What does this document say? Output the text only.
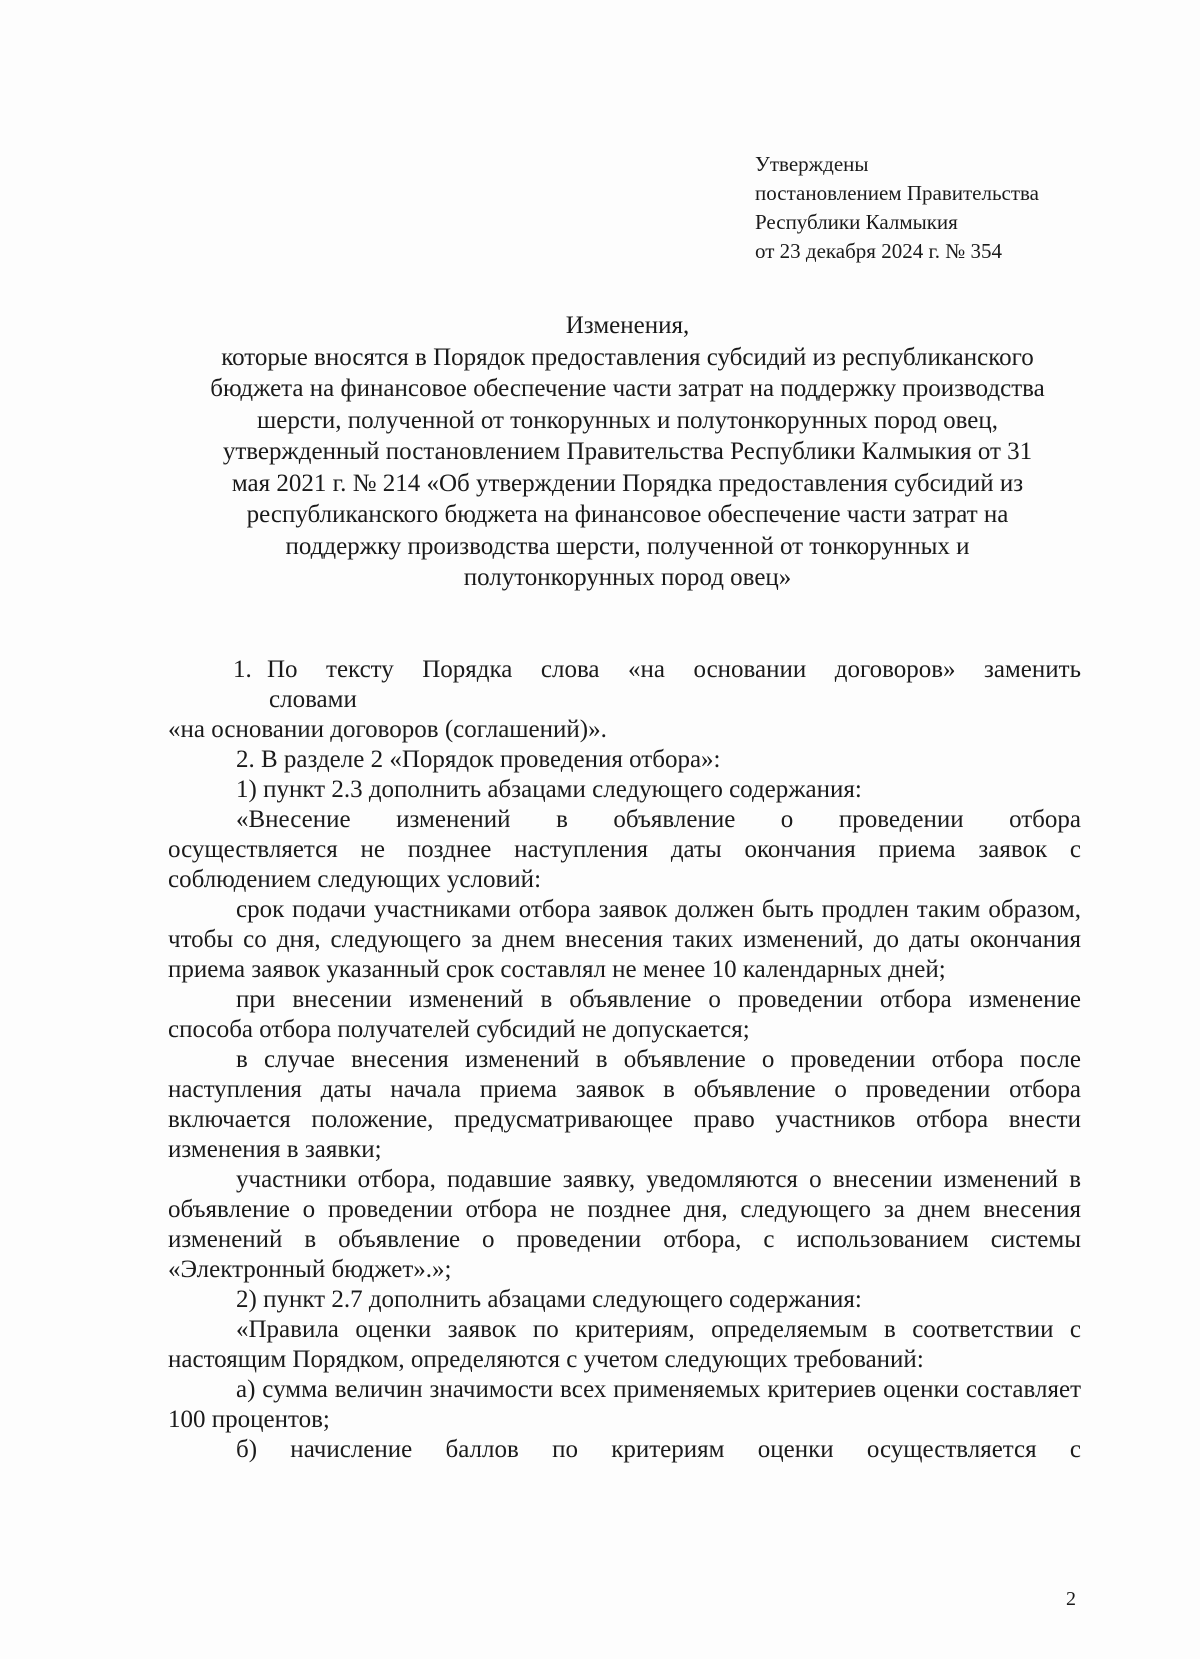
Утверждены
постановлением Правительства
Республики Калмыкия
от 23 декабря 2024 г. № 354
Изменения,
которые вносятся в Порядок предоставления субсидий из республиканского
бюджета на финансовое обеспечение части затрат на поддержку производства
шерсти, полученной от тонкорунных и полутонкорунных пород овец,
утвержденный постановлением Правительства Республики Калмыкия от 31
мая 2021 г. № 214 «Об утверждении Порядка предоставления субсидий из
республиканского бюджета на финансовое обеспечение части затрат на
поддержку производства шерсти, полученной от тонкорунных и
полутонкорунных пород овец»
1. По тексту Порядка слова «на основании договоров» заменить
словами

«на основании договоров (соглашений)».

2. В разделе 2 «Порядок проведения отбора»:

1) пункт 2.3 дополнить абзацами следующего содержания:

«Внесение изменений в объявление о проведении отбора

осуществляется не позднее наступления даты окончания приема заявок с соблюдением следующих условий:

срок подачи участниками отбора заявок должен быть продлен таким образом, чтобы со дня, следующего за днем внесения таких изменений, до даты окончания приема заявок указанный срок составлял не менее 10 календарных дней;

при внесении изменений в объявление о проведении отбора изменение способа отбора получателей субсидий не допускается;

в случае внесения изменений в объявление о проведении отбора после наступления даты начала приема заявок в объявление о проведении отбора включается положение, предусматривающее право участников отбора внести изменения в заявки;

участники отбора, подавшие заявку, уведомляются о внесении изменений в объявление о проведении отбора не позднее дня, следующего за днем внесения изменений в объявление о проведении отбора, с использованием системы «Электронный бюджет».»;

2) пункт 2.7 дополнить абзацами следующего содержания:

«Правила оценки заявок по критериям, определяемым в соответствии с настоящим Порядком, определяются с учетом следующих требований:

а) сумма величин значимости всех применяемых критериев оценки составляет 100 процентов;

б) начисление баллов по критериям оценки осуществляется с

2
